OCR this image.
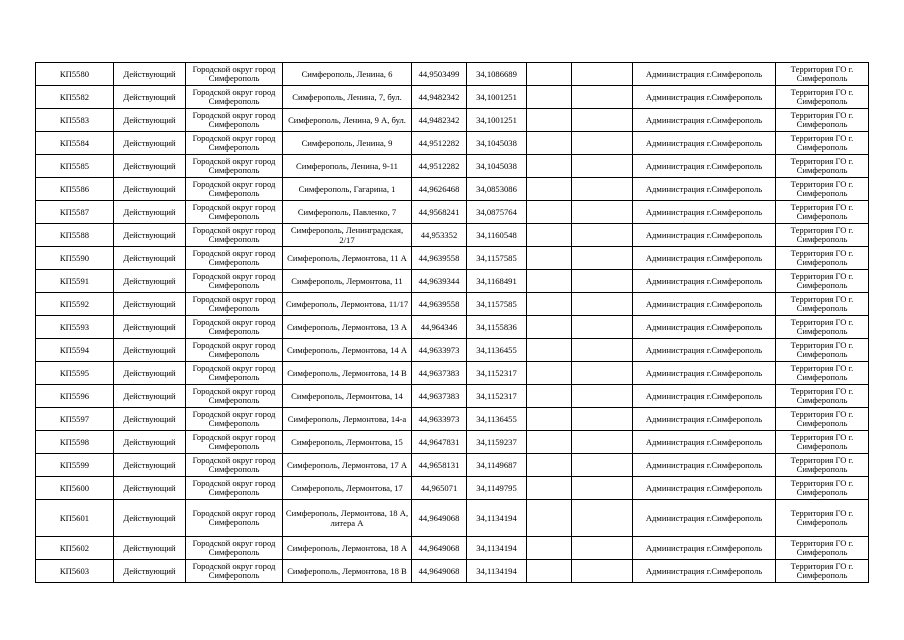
КП5580	Действующий	Городской округ город Симферополь	Симферополь, Ленина, 6	44,9503499	34,1086689			Администрация г.Симферополь	Территория ГО г. Симферополь
КП5582	Действующий	Городской округ город Симферополь	Симферополь, Ленина, 7, бул.	44,9482342	34,1001251			Администрация г.Симферополь	Территория ГО г. Симферополь
КП5583	Действующий	Городской округ город Симферополь	Симферополь, Ленина, 9 А, бул.	44,9482342	34,1001251			Администрация г.Симферополь	Территория ГО г. Симферополь
КП5584	Действующий	Городской округ город Симферополь	Симферополь, Ленина, 9	44,9512282	34,1045038			Администрация г.Симферополь	Территория ГО г. Симферополь
КП5585	Действующий	Городской округ город Симферополь	Симферополь, Ленина, 9-11	44,9512282	34,1045038			Администрация г.Симферополь	Территория ГО г. Симферополь
КП5586	Действующий	Городской округ город Симферополь	Симферополь, Гагарина, 1	44,9626468	34,0853086			Администрация г.Симферополь	Территория ГО г. Симферополь
КП5587	Действующий	Городской округ город Симферополь	Симферополь, Павленко, 7	44,9568241	34,0875764			Администрация г.Симферополь	Территория ГО г. Симферополь
КП5588	Действующий	Городской округ город Симферополь	Симферополь, Ленинградская, 2/17	44,953352	34,1160548			Администрация г.Симферополь	Территория ГО г. Симферополь
КП5590	Действующий	Городской округ город Симферополь	Симферополь, Лермонтова, 11 А	44,9639558	34,1157585			Администрация г.Симферополь	Территория ГО г. Симферополь
КП5591	Действующий	Городской округ город Симферополь	Симферополь, Лермонтова, 11	44,9639344	34,1168491			Администрация г.Симферополь	Территория ГО г. Симферополь
КП5592	Действующий	Городской округ город Симферополь	Симферополь, Лермонтова, 11/17	44,9639558	34,1157585			Администрация г.Симферополь	Территория ГО г. Симферополь
КП5593	Действующий	Городской округ город Симферополь	Симферополь, Лермонтова, 13 А	44,964346	34,1155836			Администрация г.Симферополь	Территория ГО г. Симферополь
КП5594	Действующий	Городской округ город Симферополь	Симферополь, Лермонтова, 14 А	44,9633973	34,1136455			Администрация г.Симферополь	Территория ГО г. Симферополь
КП5595	Действующий	Городской округ город Симферополь	Симферополь, Лермонтова, 14 В	44,9637383	34,1152317			Администрация г.Симферополь	Территория ГО г. Симферополь
КП5596	Действующий	Городской округ город Симферополь	Симферополь, Лермонтова, 14	44,9637383	34,1152317			Администрация г.Симферополь	Территория ГО г. Симферополь
КП5597	Действующий	Городской округ город Симферополь	Симферополь, Лермонтова, 14-а	44,9633973	34,1136455			Администрация г.Симферополь	Территория ГО г. Симферополь
КП5598	Действующий	Городской округ город Симферополь	Симферополь, Лермонтова, 15	44,9647831	34,1159237			Администрация г.Симферополь	Территория ГО г. Симферополь
КП5599	Действующий	Городской округ город Симферополь	Симферополь, Лермонтова, 17 А	44,9658131	34,1149687			Администрация г.Симферополь	Территория ГО г. Симферополь
КП5600	Действующий	Городской округ город Симферополь	Симферополь, Лермонтова, 17	44,965071	34,1149795			Администрация г.Симферополь	Территория ГО г. Симферополь
КП5601	Действующий	Городской округ город Симферополь	Симферополь, Лермонтова, 18 А, литера А	44,9649068	34,1134194			Администрация г.Симферополь	Территория ГО г. Симферополь
КП5602	Действующий	Городской округ город Симферополь	Симферополь, Лермонтова, 18 А	44,9649068	34,1134194			Администрация г.Симферополь	Территория ГО г. Симферополь
КП5603	Действующий	Городской округ город Симферополь	Симферополь, Лермонтова, 18 В	44,9649068	34,1134194			Администрация г.Симферополь	Территория ГО г. Симферополь
